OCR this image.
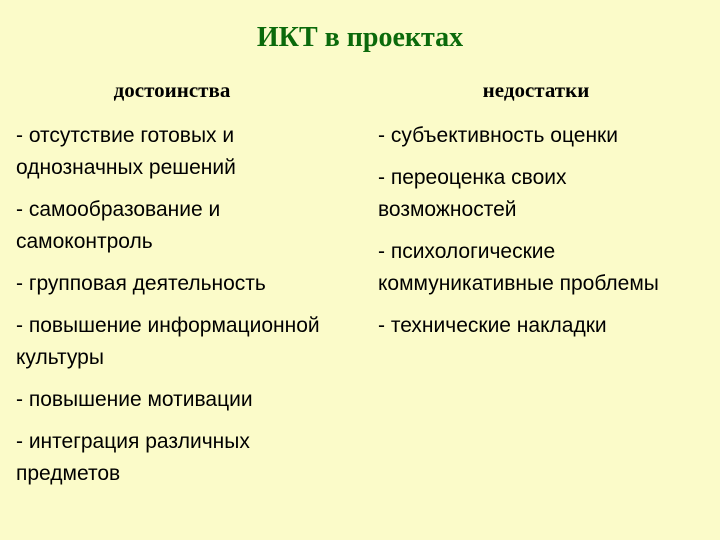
ИКТ в проектах
достоинства
- отсутствие готовых и однозначных решений
- самообразование и самоконтроль
- групповая деятельность
- повышение информационной культуры
- повышение мотивации
- интеграция различных предметов
недостатки
- субъективность оценки
- переоценка своих возможностей
- психологические коммуникативные проблемы
- технические накладки
